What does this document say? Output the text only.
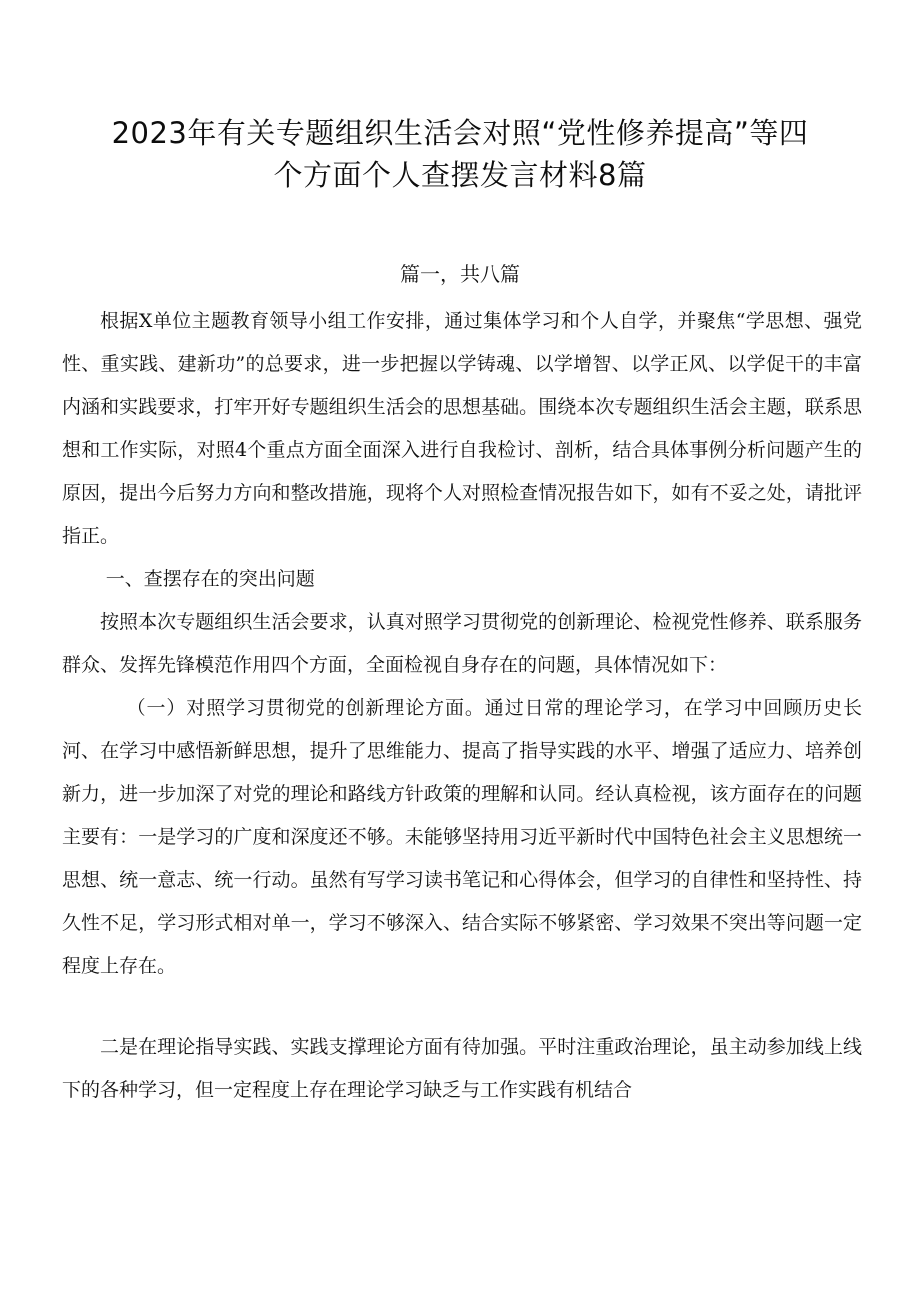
2023年有关专题组织生活会对照“党性修养提高”等四
个方面个人查摆发言材料8篇
篇一，共八篇

根据X单位主题教育领导小组工作安排，通过集体学习和个人自学，并聚焦“学思想、强党性、重实践、建新功”的总要求，进一步把握以学铸魂、以学增智、以学正风、以学促干的丰富内涵和实践要求，打牢开好专题组织生活会的思想基础。围绕本次专题组织生活会主题，联系思想和工作实际，对照4个重点方面全面深入进行自我检讨、剖析，结合具体事例分析问题产生的原因，提出今后努力方向和整改措施，现将个人对照检查情况报告如下，如有不妥之处，请批评指正。

一、查摆存在的突出问题

按照本次专题组织生活会要求，认真对照学习贯彻党的创新理论、检视党性修养、联系服务群众、发挥先锋模范作用四个方面，全面检视自身存在的问题，具体情况如下：

（一）对照学习贯彻党的创新理论方面。通过日常的理论学习，在学习中回顾历史长河、在学习中感悟新鲜思想，提升了思维能力、提高了指导实践的水平、增强了适应力、培养创新力，进一步加深了对党的理论和路线方针政策的理解和认同。经认真检视，该方面存在的问题主要有：一是学习的广度和深度还不够。未能够坚持用习近平新时代中国特色社会主义思想统一思想、统一意志、统一行动。虽然有写学习读书笔记和心得体会，但学习的自律性和坚持性、持久性不足，学习形式相对单一，学习不够深入、结合实际不够紧密、学习效果不突出等问题一定程度上存在。

二是在理论指导实践、实践支撑理论方面有待加强。平时注重政治理论，虽主动参加线上线下的各种学习，但一定程度上存在理论学习缺乏与工作实践有机结合
